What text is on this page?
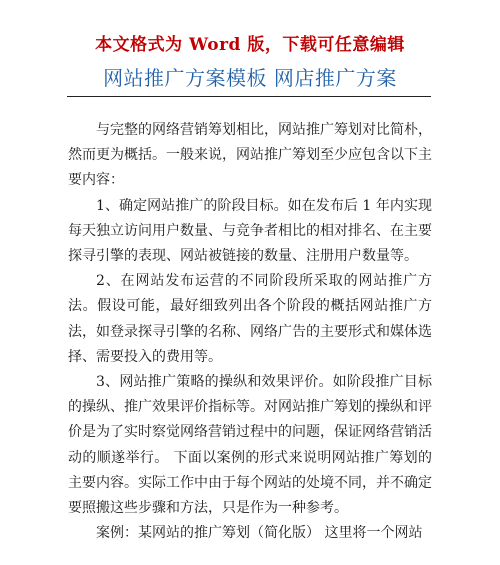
本文格式为 Word 版，下载可任意编辑
网站推广方案模板 网店推广方案

与完整的网络营销筹划相比，网站推广筹划对比简朴，然而更为概括。一般来说，网站推广筹划至少应包含以下主要内容：

1、确定网站推广的阶段目标。如在发布后 1 年内实现每天独立访问用户数量、与竞争者相比的相对排名、在主要探寻引擎的表现、网站被链接的数量、注册用户数量等。

2、在网站发布运营的不同阶段所采取的网站推广方法。假设可能，最好细致列出各个阶段的概括网站推广方法，如登录探寻引擎的名称、网络广告的主要形式和媒体选择、需要投入的费用等。

3、网站推广策略的操纵和效果评价。如阶段推广目标的操纵、推广效果评价指标等。对网站推广筹划的操纵和评价是为了实时察觉网络营销过程中的问题，保证网络营销活动的顺遂举行。 下面以案例的形式来说明网站推广筹划的主要内容。实际工作中由于每个网站的处境不同，并不确定要照搬这些步骤和方法，只是作为一种参考。

案例：某网站的推广筹划（简化版） 这里将一个网站
